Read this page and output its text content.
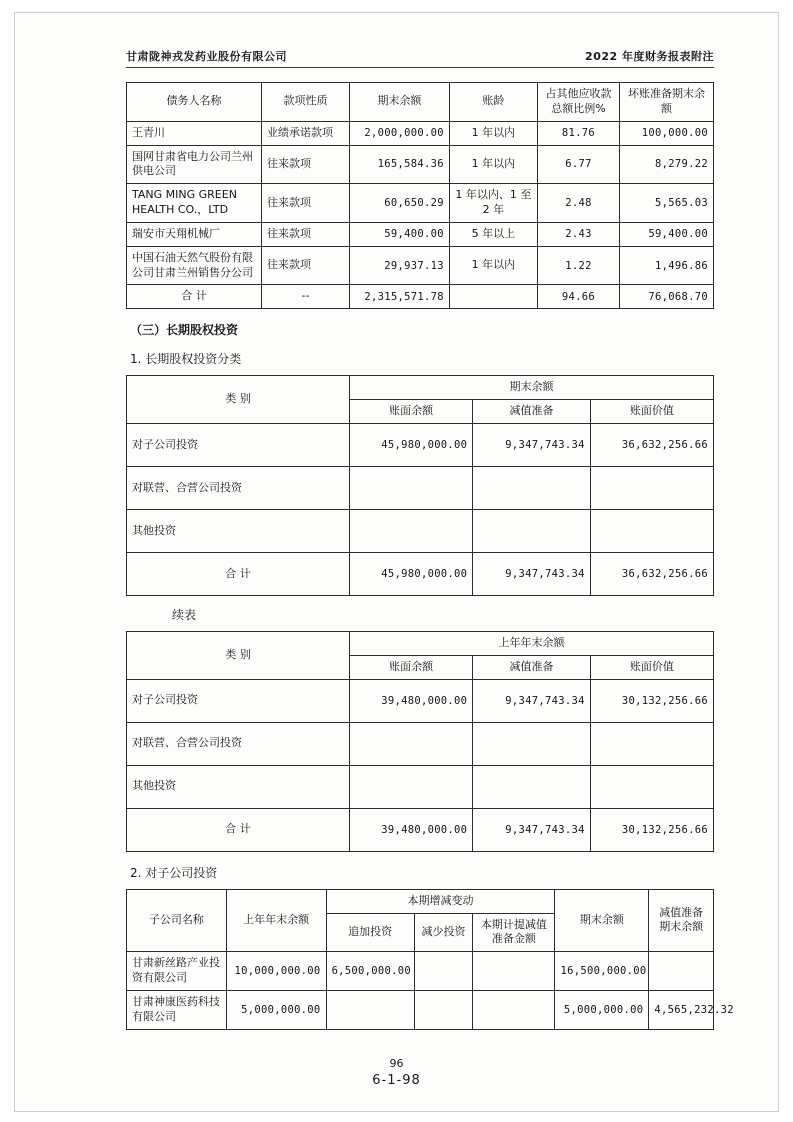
甘肃陇神戎发药业股份有限公司	2022 年度财务报表附注
债务人名称	款项性质	期末余额	账龄	占其他应收款总额比例%	坏账准备期末余额
王青川	业绩承诺款项	2,000,000.00	1 年以内	81.76	100,000.00
国网甘肃省电力公司兰州供电公司	往来款项	165,584.36	1 年以内	6.77	8,279.22
TANG MING GREEN HEALTH CO.，LTD	往来款项	60,650.29	1 年以内、1 至 2 年	2.48	5,565.03
瑞安市天翔机械厂	往来款项	59,400.00	5 年以上	2.43	59,400.00
中国石油天然气股份有限公司甘肃兰州销售分公司	往来款项	29,937.13	1 年以内	1.22	1,496.86
合 计	--	2,315,571.78		94.66	76,068.70
（三）长期股权投资
1. 长期股权投资分类
类 别	期末余额		
	账面余额	减值准备	账面价值
对子公司投资	45,980,000.00	9,347,743.34	36,632,256.66
对联营、合营公司投资			
其他投资			
合 计	45,980,000.00	9,347,743.34	36,632,256.66
续表
类 别	上年年末余额		
	账面余额	减值准备	账面价值
对子公司投资	39,480,000.00	9,347,743.34	30,132,256.66
对联营、合营公司投资			
其他投资			
合 计	39,480,000.00	9,347,743.34	30,132,256.66
2. 对子公司投资
子公司名称	上年年末余额	本期增减变动			期末余额	减值准备期末余额
		追加投资	减少投资	本期计提减值准备金额		
甘肃新丝路产业投资有限公司	10,000,000.00	6,500,000.00			16,500,000.00	
甘肃神康医药科技有限公司	5,000,000.00				5,000,000.00	4,565,232.32
96
6-1-98
